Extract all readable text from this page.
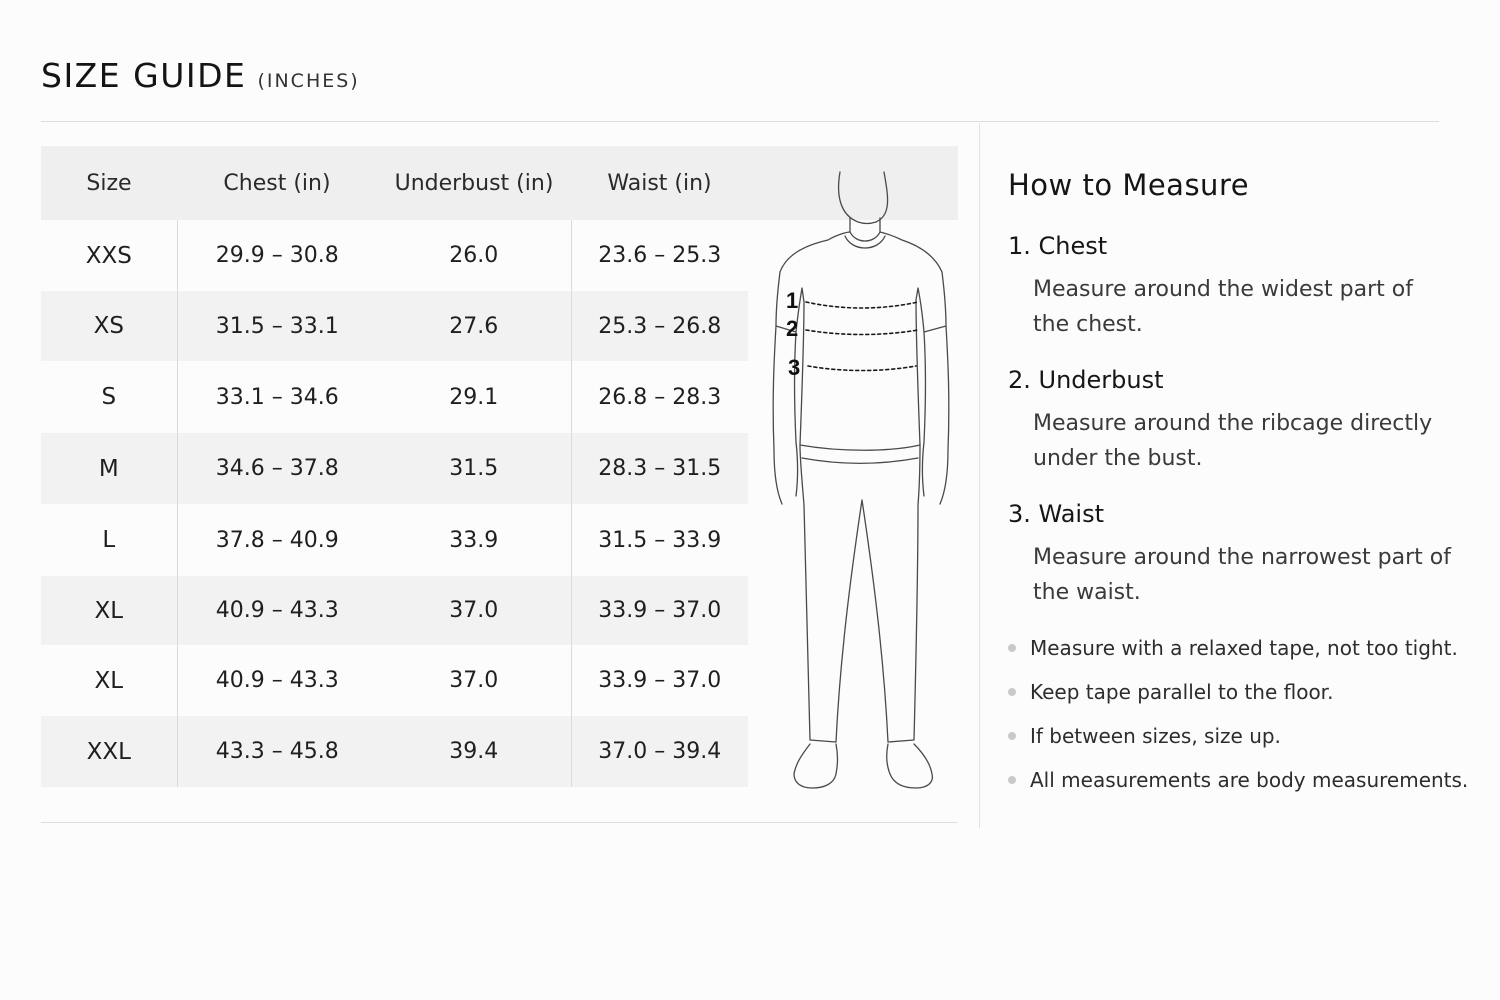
SIZE GUIDE (INCHES)
Size	Chest (in)	Underbust (in)	Waist (in)	
XXS	29.9 – 30.8	26.0	23.6 – 25.3	
XS	31.5 – 33.1	27.6	25.3 – 26.8	
S	33.1 – 34.6	29.1	26.8 – 28.3	
M	34.6 – 37.8	31.5	28.3 – 31.5	
L	37.8 – 40.9	33.9	31.5 – 33.9	
XL	40.9 – 43.3	37.0	33.9 – 37.0	
XL	40.9 – 43.3	37.0	33.9 – 37.0	
XXL	43.3 – 45.8	39.4	37.0 – 39.4	
1
2
3
How to Measure
1. Chest
Measure around the widest part of the chest.
2. Underbust
Measure around the ribcage directly under the bust.
3. Waist
Measure around the narrowest part of the waist.
Measure with a relaxed tape, not too tight.
Keep tape parallel to the floor.
If between sizes, size up.
All measurements are body measurements.
